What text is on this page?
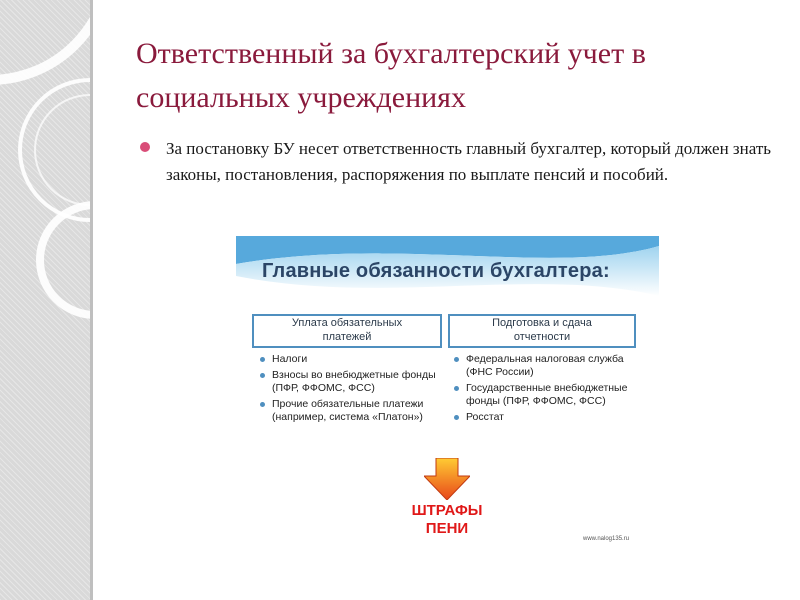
Ответственный за бухгалтерский учет в социальных учреждениях
За постановку БУ несет ответственность главный бухгалтер, который должен знать законы, постановления, распоряжения по выплате пенсий и пособий.
Главные обязанности бухгалтера:
Уплата обязательных
платежей
Подготовка и сдача
отчетности
Налоги
Взносы во внебюджетные фонды (ПФР, ФФОМС, ФСС)
Прочие обязательные платежи (например, система «Платон»)
Федеральная налоговая служба (ФНС России)
Государственные внебюджетные фонды (ПФР, ФФОМС, ФСС)
Росстат
ШТРАФЫ
ПЕНИ
www.nalog135.ru
